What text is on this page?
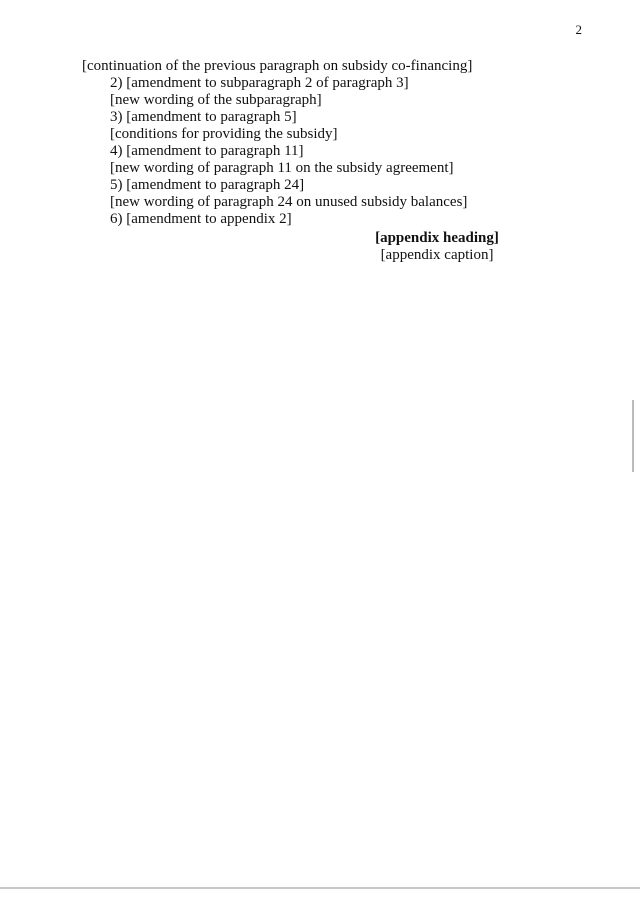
2

[continuation of the previous paragraph on subsidy co-financing]

2) [amendment to subparagraph 2 of paragraph 3]

[new wording of the subparagraph]

3) [amendment to paragraph 5]

[conditions for providing the subsidy]

4) [amendment to paragraph 11]

[new wording of paragraph 11 on the subsidy agreement]

5) [amendment to paragraph 24]

[new wording of paragraph 24 on unused subsidy balances]

6) [amendment to appendix 2]

[appendix heading]
[appendix caption]
